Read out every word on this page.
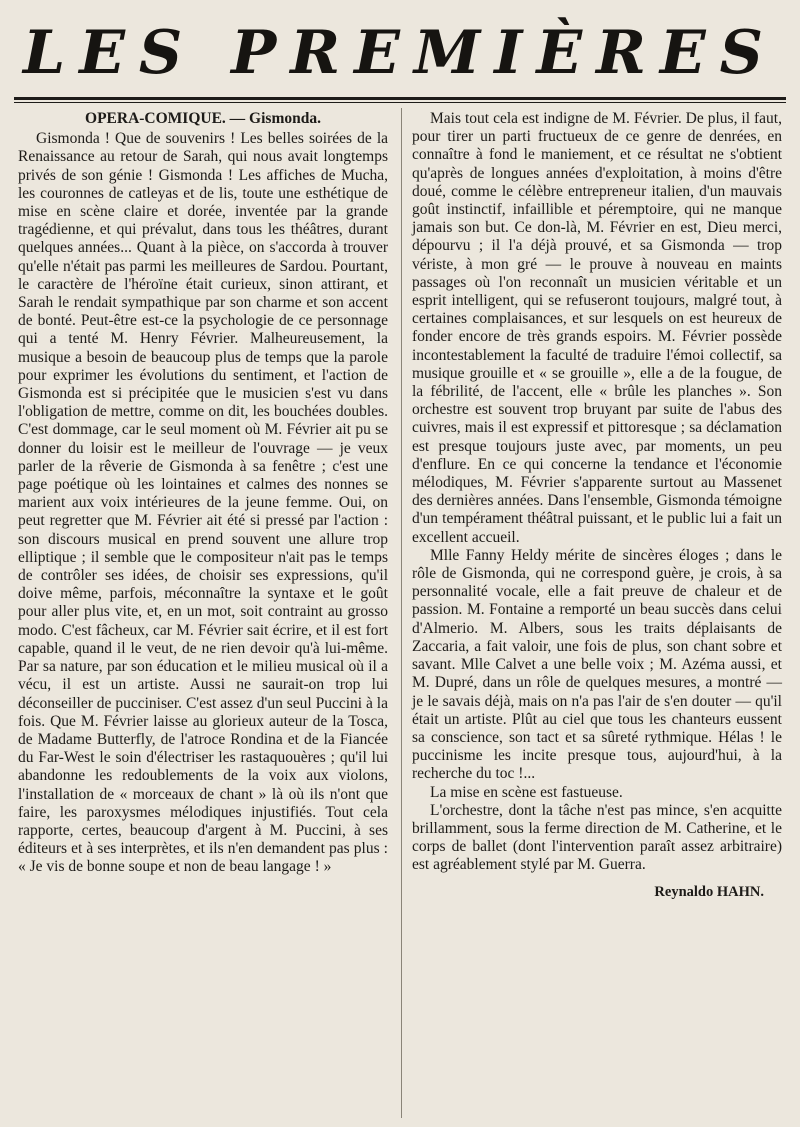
LES PREMIÈRES
OPERA-COMIQUE. — Gismonda.

Gismonda ! Que de souvenirs ! Les belles soirées de la Renaissance au retour de Sarah, qui nous avait longtemps privés de son génie ! Gismonda ! Les affiches de Mucha, les couronnes de catleyas et de lis, toute une esthétique de mise en scène claire et dorée, inventée par la grande tragédienne, et qui prévalut, dans tous les théâtres, durant quelques années... Quant à la pièce, on s'accorda à trouver qu'elle n'était pas parmi les meilleures de Sardou. Pourtant, le caractère de l'héroïne était curieux, sinon attirant, et Sarah le rendait sympathique par son charme et son accent de bonté. Peut-être est-ce la psychologie de ce personnage qui a tenté M. Henry Février. Malheureusement, la musique a besoin de beaucoup plus de temps que la parole pour exprimer les évolutions du sentiment, et l'action de Gismonda est si précipitée que le musicien s'est vu dans l'obligation de mettre, comme on dit, les bouchées doubles. C'est dommage, car le seul moment où M. Février ait pu se donner du loisir est le meilleur de l'ouvrage — je veux parler de la rêverie de Gismonda à sa fenêtre ; c'est une page poétique où les lointaines et calmes des nonnes se marient aux voix intérieures de la jeune femme. Oui, on peut regretter que M. Février ait été si pressé par l'action : son discours musical en prend souvent une allure trop elliptique ; il semble que le compositeur n'ait pas le temps de contrôler ses idées, de choisir ses expressions, qu'il doive même, parfois, méconnaître la syntaxe et le goût pour aller plus vite, et, en un mot, soit contraint au grosso modo. C'est fâcheux, car M. Février sait écrire, et il est fort capable, quand il le veut, de ne rien devoir qu'à lui-même. Par sa nature, par son éducation et le milieu musical où il a vécu, il est un artiste. Aussi ne saurait-on trop lui déconseiller de pucciniser. C'est assez d'un seul Puccini à la fois. Que M. Février laisse au glorieux auteur de la Tosca, de Madame Butterfly, de l'atroce Rondina et de la Fiancée du Far-West le soin d'électriser les rastaquouères ; qu'il lui abandonne les redoublements de la voix aux violons, l'installation de « morceaux de chant » là où ils n'ont que faire, les paroxysmes mélodiques injustifiés. Tout cela rapporte, certes, beaucoup d'argent à M. Puccini, à ses éditeurs et à ses interprètes, et ils n'en demandent pas plus : « Je vis de bonne soupe et non de beau langage ! »

Mais tout cela est indigne de M. Février. De plus, il faut, pour tirer un parti fructueux de ce genre de denrées, en connaître à fond le maniement, et ce résultat ne s'obtient qu'après de longues années d'exploitation, à moins d'être doué, comme le célèbre entrepreneur italien, d'un mauvais goût instinctif, infaillible et péremptoire, qui ne manque jamais son but. Ce don-là, M. Février en est, Dieu merci, dépourvu ; il l'a déjà prouvé, et sa Gismonda — trop vériste, à mon gré — le prouve à nouveau en maints passages où l'on reconnaît un musicien véritable et un esprit intelligent, qui se refuseront toujours, malgré tout, à certaines complaisances, et sur lesquels on est heureux de fonder encore de très grands espoirs. M. Février possède incontestablement la faculté de traduire l'émoi collectif, sa musique grouille et « se grouille », elle a de la fougue, de la fébrilité, de l'accent, elle « brûle les planches ». Son orchestre est souvent trop bruyant par suite de l'abus des cuivres, mais il est expressif et pittoresque ; sa déclamation est presque toujours juste avec, par moments, un peu d'enflure. En ce qui concerne la tendance et l'économie mélodiques, M. Février s'apparente surtout au Massenet des dernières années. Dans l'ensemble, Gismonda témoigne d'un tempérament théâtral puissant, et le public lui a fait un excellent accueil.

Mlle Fanny Heldy mérite de sincères éloges ; dans le rôle de Gismonda, qui ne correspond guère, je crois, à sa personnalité vocale, elle a fait preuve de chaleur et de passion. M. Fontaine a remporté un beau succès dans celui d'Almerio. M. Albers, sous les traits déplaisants de Zaccaria, a fait valoir, une fois de plus, son chant sobre et savant. Mlle Calvet a une belle voix ; M. Azéma aussi, et M. Dupré, dans un rôle de quelques mesures, a montré — je le savais déjà, mais on n'a pas l'air de s'en douter — qu'il était un artiste. Plût au ciel que tous les chanteurs eussent sa conscience, son tact et sa sûreté rythmique. Hélas ! le puccinisme les incite presque tous, aujourd'hui, à la recherche du toc !...

La mise en scène est fastueuse.

L'orchestre, dont la tâche n'est pas mince, s'en acquitte brillamment, sous la ferme direction de M. Catherine, et le corps de ballet (dont l'intervention paraît assez arbitraire) est agréablement stylé par M. Guerra.

Reynaldo HAHN.
